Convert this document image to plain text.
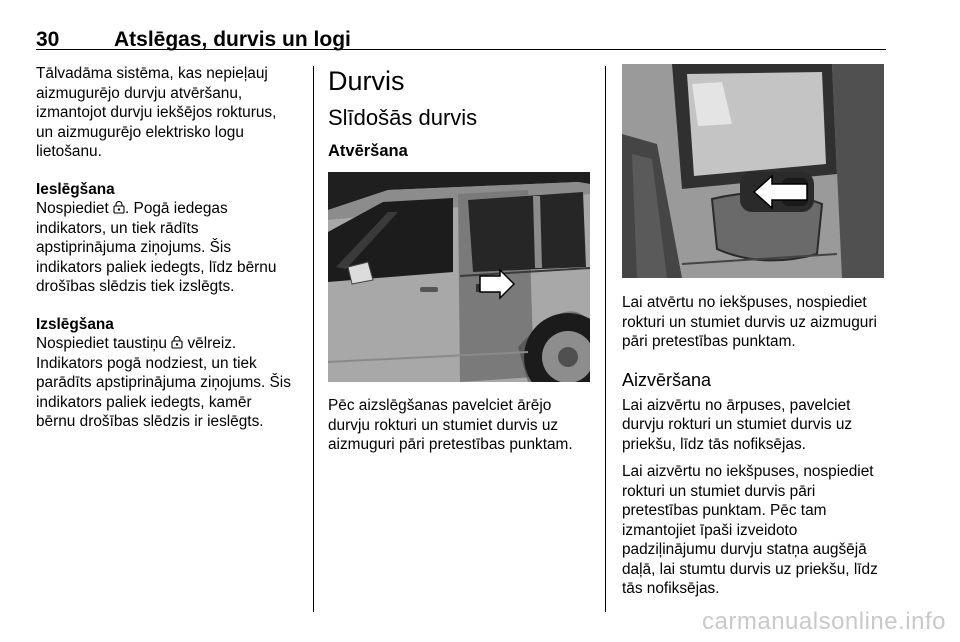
30	Atslēgas, durvis un logi
Tālvadāma sistēma, kas nepieļauj
aizmugurējo durvju atvēršanu,
izmantojot durvju iekšējos rokturus,
un aizmugurējo elektrisko logu
lietošanu.
Ieslēgšana
Nospiediet . Pogā iedegas
indikators, un tiek rādīts
apstiprinājuma ziņojums. Šis
indikators paliek iedegts, līdz bērnu
drošības slēdzis tiek izslēgts.
Izslēgšana
Nospiediet taustiņu  vēlreiz.
Indikators pogā nodziest, un tiek
parādīts apstiprinājuma ziņojums. Šis
indikators paliek iedegts, kamēr
bērnu drošības slēdzis ir ieslēgts.
Durvis
Slīdošās durvis
Atvēršana
Pēc aizslēgšanas pavelciet ārējo
durvju rokturi un stumiet durvis uz
aizmuguri pāri pretestības punktam.
Lai atvērtu no iekšpuses, nospiediet
rokturi un stumiet durvis uz aizmuguri
pāri pretestības punktam.
Aizvēršana
Lai aizvērtu no ārpuses, pavelciet
durvju rokturi un stumiet durvis uz
priekšu, līdz tās nofiksējas.
Lai aizvērtu no iekšpuses, nospiediet
rokturi un stumiet durvis pāri
pretestības punktam. Pēc tam
izmantojiet īpaši izveidoto
padziļinājumu durvju statņa augšējā
daļā, lai stumtu durvis uz priekšu, līdz
tās nofiksējas.
carmanualsonline.info
